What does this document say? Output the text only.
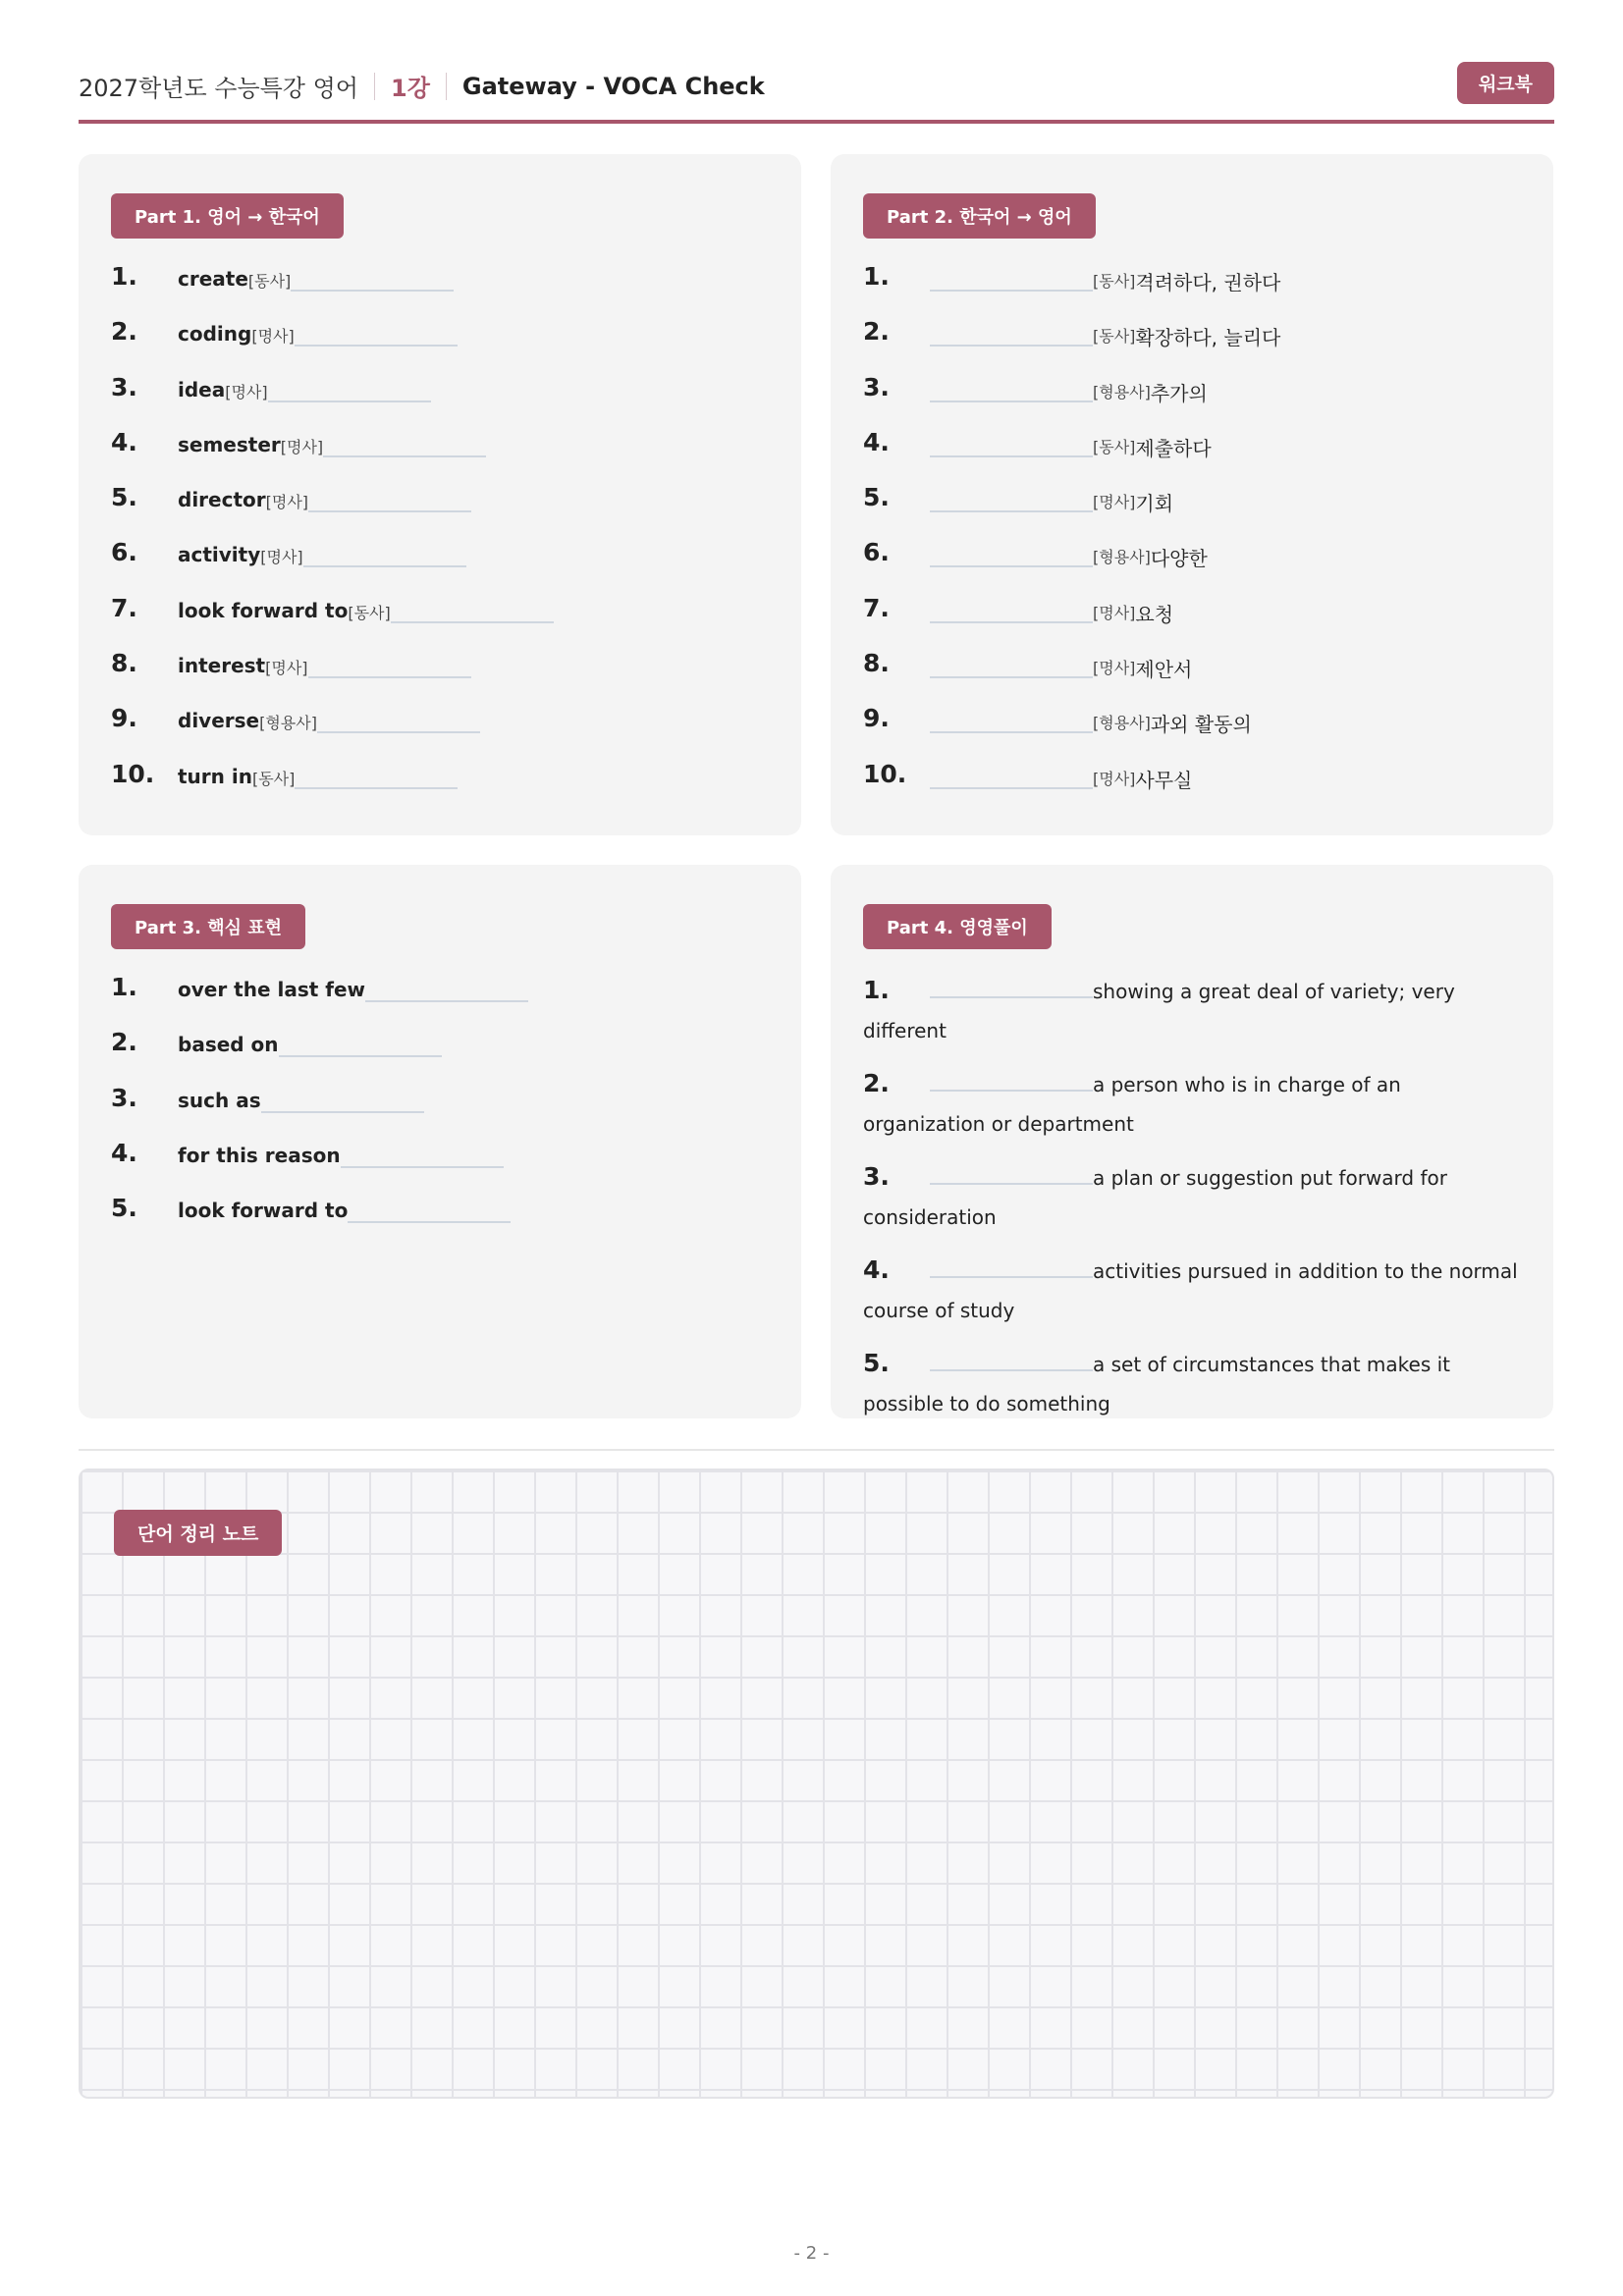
2027학년도 수능특강 영어 1강 Gateway - VOCA Check	워크북
Part 1. 영어 → 한국어
1.	create [동사]
2.	coding [명사]
3.	idea [명사]
4.	semester [명사]
5.	director [명사]
6.	activity [명사]
7.	look forward to [동사]
8.	interest [명사]
9.	diverse [형용사]
10.	turn in [동사]
Part 2. 한국어 → 영어
1.	[동사] 격려하다, 권하다
2.	[동사] 확장하다, 늘리다
3.	[형용사] 추가의
4.	[동사] 제출하다
5.	[명사] 기회
6.	[형용사] 다양한
7.	[명사] 요청
8.	[명사] 제안서
9.	[형용사] 과외 활동의
10.	[명사] 사무실
Part 3. 핵심 표현
1.	over the last few
2.	based on
3.	such as
4.	for this reason
5.	look forward to
Part 4. 영영풀이
1.	showing a great deal of variety; very different
2.	a person who is in charge of an organization or department
3.	a plan or suggestion put forward for consideration
4.	activities pursued in addition to the normal course of study
5.	a set of circumstances that makes it possible to do something
단어 정리 노트
- 2 -
